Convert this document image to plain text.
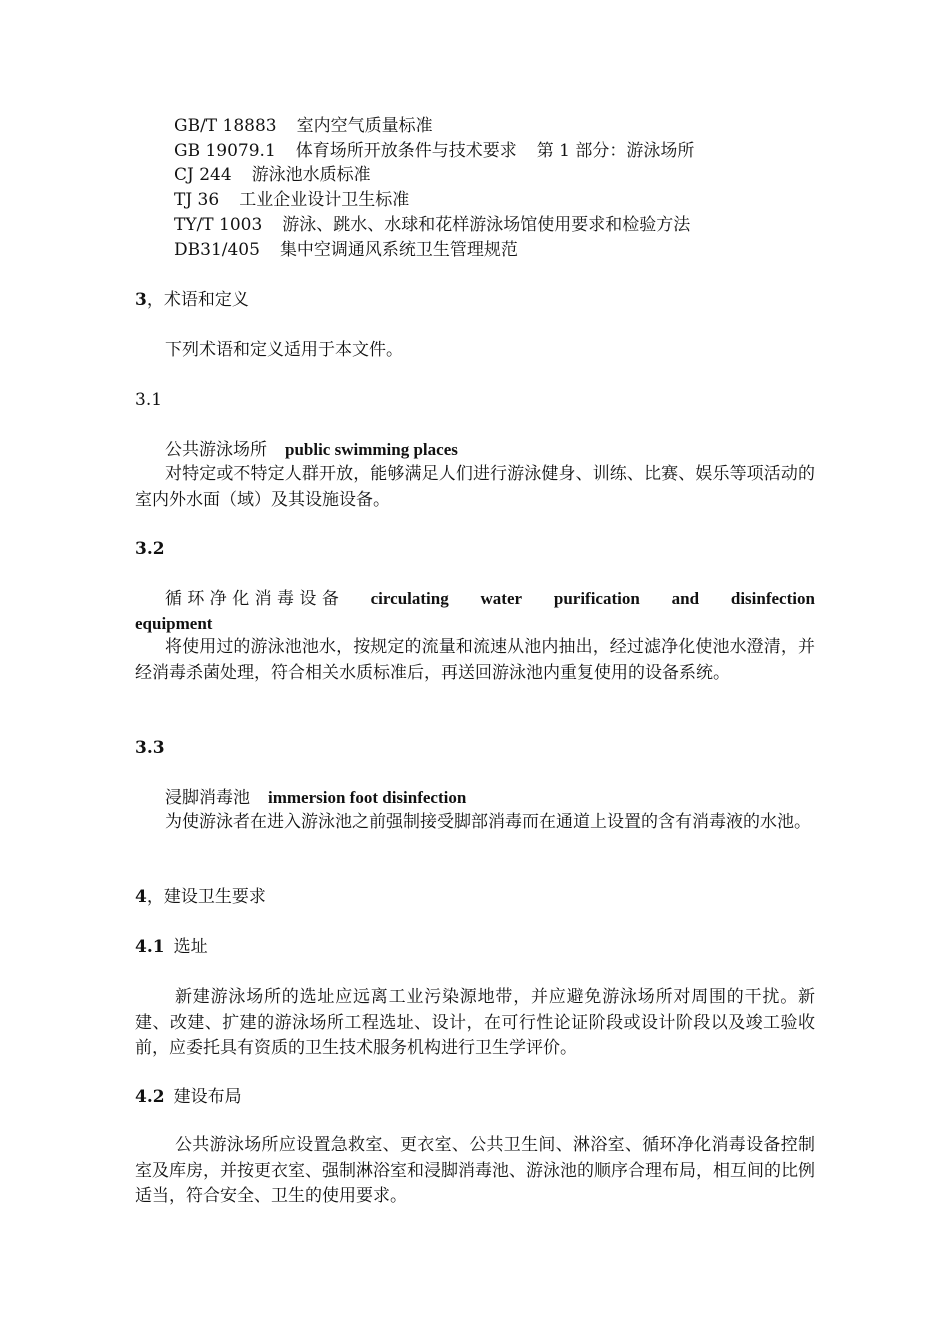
GB/T 18883 室内空气质量标准
GB 19079.1 体育场所开放条件与技术要求 第 1 部分：游泳场所
CJ 244 游泳池水质标准
TJ 36 工业企业设计卫生标准
TY/T 1003 游泳、跳水、水球和花样游泳场馆使用要求和检验方法
DB31/405 集中空调通风系统卫生管理规范
3，术语和定义
下列术语和定义适用于本文件。
3.1
公共游泳场所 public swimming places
对特定或不特定人群开放，能够满足人们进行游泳健身、训练、比赛、娱乐等项活动的室内外水面（域）及其设施设备。
3.2
循 环 净 化 消 毒 设 备 circulating water purification and disinfection
equipment
将使用过的游泳池池水，按规定的流量和流速从池内抽出，经过滤净化使池水澄清，并经消毒杀菌处理，符合相关水质标准后，再送回游泳池内重复使用的设备系统。
3.3
浸脚消毒池 immersion foot disinfection
为使游泳者在进入游泳池之前强制接受脚部消毒而在通道上设置的含有消毒液的水池。
4，建设卫生要求
4.1 选址
新建游泳场所的选址应远离工业污染源地带，并应避免游泳场所对周围的干扰。新建、改建、扩建的游泳场所工程选址、设计，在可行性论证阶段或设计阶段以及竣工验收前，应委托具有资质的卫生技术服务机构进行卫生学评价。
4.2 建设布局
公共游泳场所应设置急救室、更衣室、公共卫生间、淋浴室、循环净化消毒设备控制室及库房，并按更衣室、强制淋浴室和浸脚消毒池、游泳池的顺序合理布局，相互间的比例适当，符合安全、卫生的使用要求。
